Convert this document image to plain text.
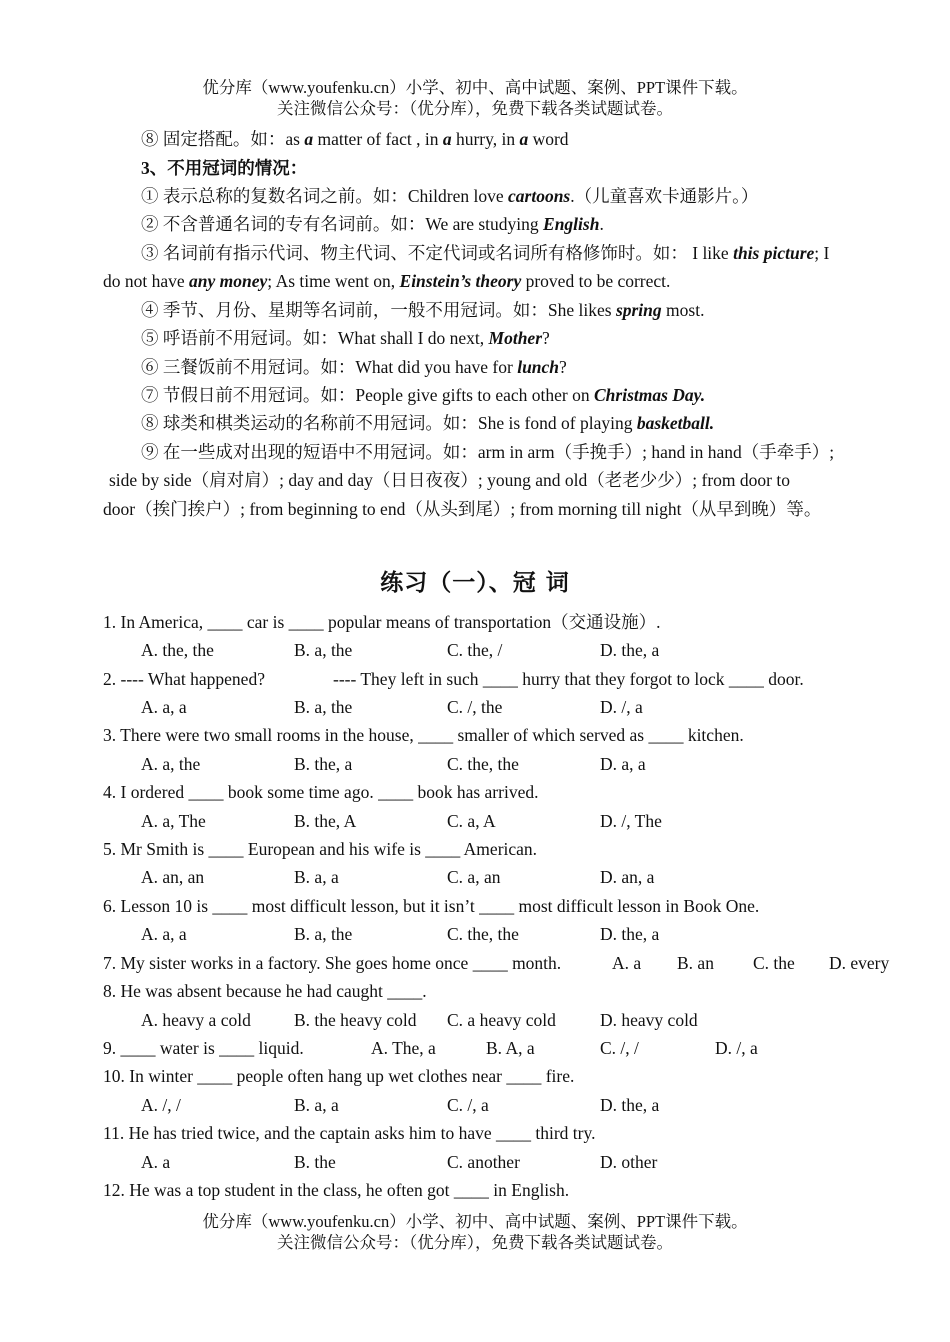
优分库（www.youfenku.cn）小学、初中、高中试题、案例、PPT课件下载。
关注微信公众号：（优分库），免费下载各类试题试卷。
⑧ 固定搭配。如：as a matter of fact , in a hurry, in a word
3、不用冠词的情况：
① 表示总称的复数名词之前。如：Children love cartoons.（儿童喜欢卡通影片。）
② 不含普通名词的专有名词前。如：We are studying English.
③ 名词前有指示代词、物主代词、不定代词或名词所有格修饰时。如： I like this picture; I
do not have any money; As time went on, Einstein’s theory proved to be correct.
④ 季节、月份、星期等名词前，一般不用冠词。如：She likes spring most.
⑤ 呼语前不用冠词。如：What shall I do next, Mother?
⑥ 三餐饭前不用冠词。如：What did you have for lunch?
⑦ 节假日前不用冠词。如：People give gifts to each other on Christmas Day.
⑧ 球类和棋类运动的名称前不用冠词。如：She is fond of playing basketball.
⑨ 在一些成对出现的短语中不用冠词。如：arm in arm（手挽手）; hand in hand（手牵手）;
side by side（肩对肩）; day and day（日日夜夜）; young and old（老老少少）; from door to
door（挨门挨户）; from beginning to end（从头到尾）; from morning till night（从早到晚）等。
练习（一）、冠 词
1. In America, ____ car is ____ popular means of transportation（交通设施）.
A. the, the	B. a, the	C. the, /	D. the, a
2. ---- What happened?	---- They left in such ____ hurry that they forgot to lock ____ door.
A. a, a	B. a, the	C. /, the	D. /, a
3. There were two small rooms in the house, ____ smaller of which served as ____ kitchen.
A. a, the	B. the, a	C. the, the	D. a, a
4. I ordered ____ book some time ago. ____ book has arrived.
A. a, The	B. the, A	C. a, A	D. /, The
5. Mr Smith is ____ European and his wife is ____ American.
A. an, an	B. a, a	C. a, an	D. an, a
6. Lesson 10 is ____ most difficult lesson, but it isn’t ____ most difficult lesson in Book One.
A. a, a	B. a, the	C. the, the	D. the, a
7. My sister works in a factory. She goes home once ____ month.	A. a B. an C. the D. every
8. He was absent because he had caught ____.
A. heavy a cold B. the heavy cold C. a heavy cold	D. heavy cold
9. ____ water is ____ liquid.	A. The, a	B. A, a	C. /, /	D. /, a
10. In winter ____ people often hang up wet clothes near ____ fire.
A. /, /	B. a, a	C. /, a	D. the, a
11. He has tried twice, and the captain asks him to have ____ third try.
A. a	B. the	C. another	D. other
12. He was a top student in the class, he often got ____ in English.
优分库（www.youfenku.cn）小学、初中、高中试题、案例、PPT课件下载。
关注微信公众号：（优分库），免费下载各类试题试卷。
